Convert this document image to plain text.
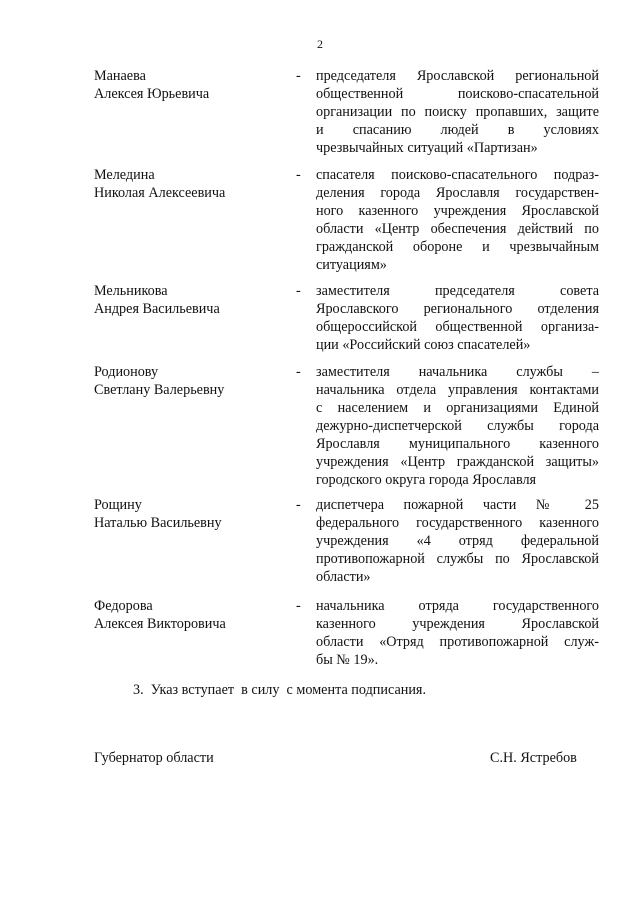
2
Манаева
Алексея Юрьевича
- председателя Ярославской региональной
общественной поисково-спасательной
организации по поиску пропавших, защите
и спасанию людей в условиях
чрезвычайных ситуаций «Партизан»
Меледина
Николая Алексеевича
- спасателя поисково-спасательного подраз-
деления города Ярославля государствен-
ного казенного учреждения Ярославской
области «Центр обеспечения действий по
гражданской обороне и чрезвычайным
ситуациям»
Мельникова
Андрея Васильевича
- заместителя председателя совета
Ярославского регионального отделения
общероссийской общественной организа-
ции «Российский союз спасателей»
Родионову
Светлану Валерьевну
- заместителя начальника службы –
начальника отдела управления контактами
с населением и организациями Единой
дежурно-диспетчерской службы города
Ярославля муниципального казенного
учреждения «Центр гражданской защиты»
городского округа города Ярославля
Рощину
Наталью Васильевну
- диспетчера пожарной части № 25
федерального государственного казенного
учреждения «4 отряд федеральной
противопожарной службы по Ярославской
области»
Федорова
Алексея Викторовича
- начальника отряда государственного
казенного учреждения Ярославской
области «Отряд противопожарной служ-
бы № 19».
3.  Указ вступает  в силу  с момента подписания.
Губернатор области	С.Н. Ястребов
